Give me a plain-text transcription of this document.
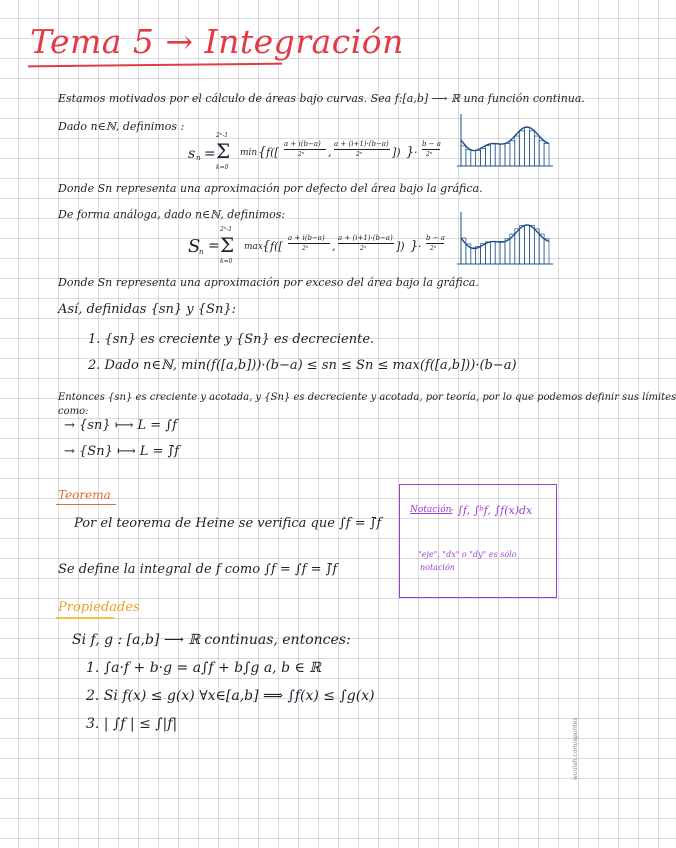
Tema 5 → Integración
Estamos motivados por el cálculo de áreas bajo curvas. Sea f:[a,b] ⟶ ℝ una función continua.
Dado n∈ℕ, definimos :
s n =
2ⁿ-1
Σ
k=0
min { f([
a + i(b−a)
2ⁿ ,
a + (i+1)·(b−a)
2ⁿ	]) } ·
b − a
2ⁿ
Donde Sn representa una aproximación por defecto del área bajo la gráfica.
De forma análoga, dado n∈ℕ, definimos:
S
n =
2ⁿ-1
Σ
k=0
max { f([
a + i(b−a)
2ⁿ ,
a + (i+1)·(b−a)
2ⁿ	]) } ·
b − a
2ⁿ
Donde Sn representa una aproximación por exceso del área bajo la gráfica.
Así, definidas {sn} y {Sn}:
1. {sn} es creciente y {Sn} es decreciente.
2. Dado n∈ℕ, min(f([a,b]))·(b−a) ≤ sn ≤ Sn ≤ max(f([a,b]))·(b−a)
Entonces {sn} es creciente y acotada, y {Sn} es decreciente y acotada, por teoría, por lo que podemos definir sus límites
como:
→ {sn} ⟼ L = ∫f
→ {Sn} ⟼ L = ∫̄f
Teorema
Por el teorema de Heine se verifica que ∫f = ∫̄f
Se define la integral de f como ∫f = ∫f = ∫̄f
Notación
: ∫f, ∫ᵇf, ∫f(x)dx
"eje", "dx" o "dy" es sólo
notación
Propiedades
Si f, g : [a,b] ⟶ ℝ continuas, entonces:
1. ∫a·f + b·g = a∫f + b∫g a, b ∈ ℝ
2. Si f(x) ≤ g(x) ∀x∈[a,b] ⟹ ∫f(x) ≤ ∫g(x)
3. | ∫f | ≤ ∫|f|	wuolah.com/apuntes
